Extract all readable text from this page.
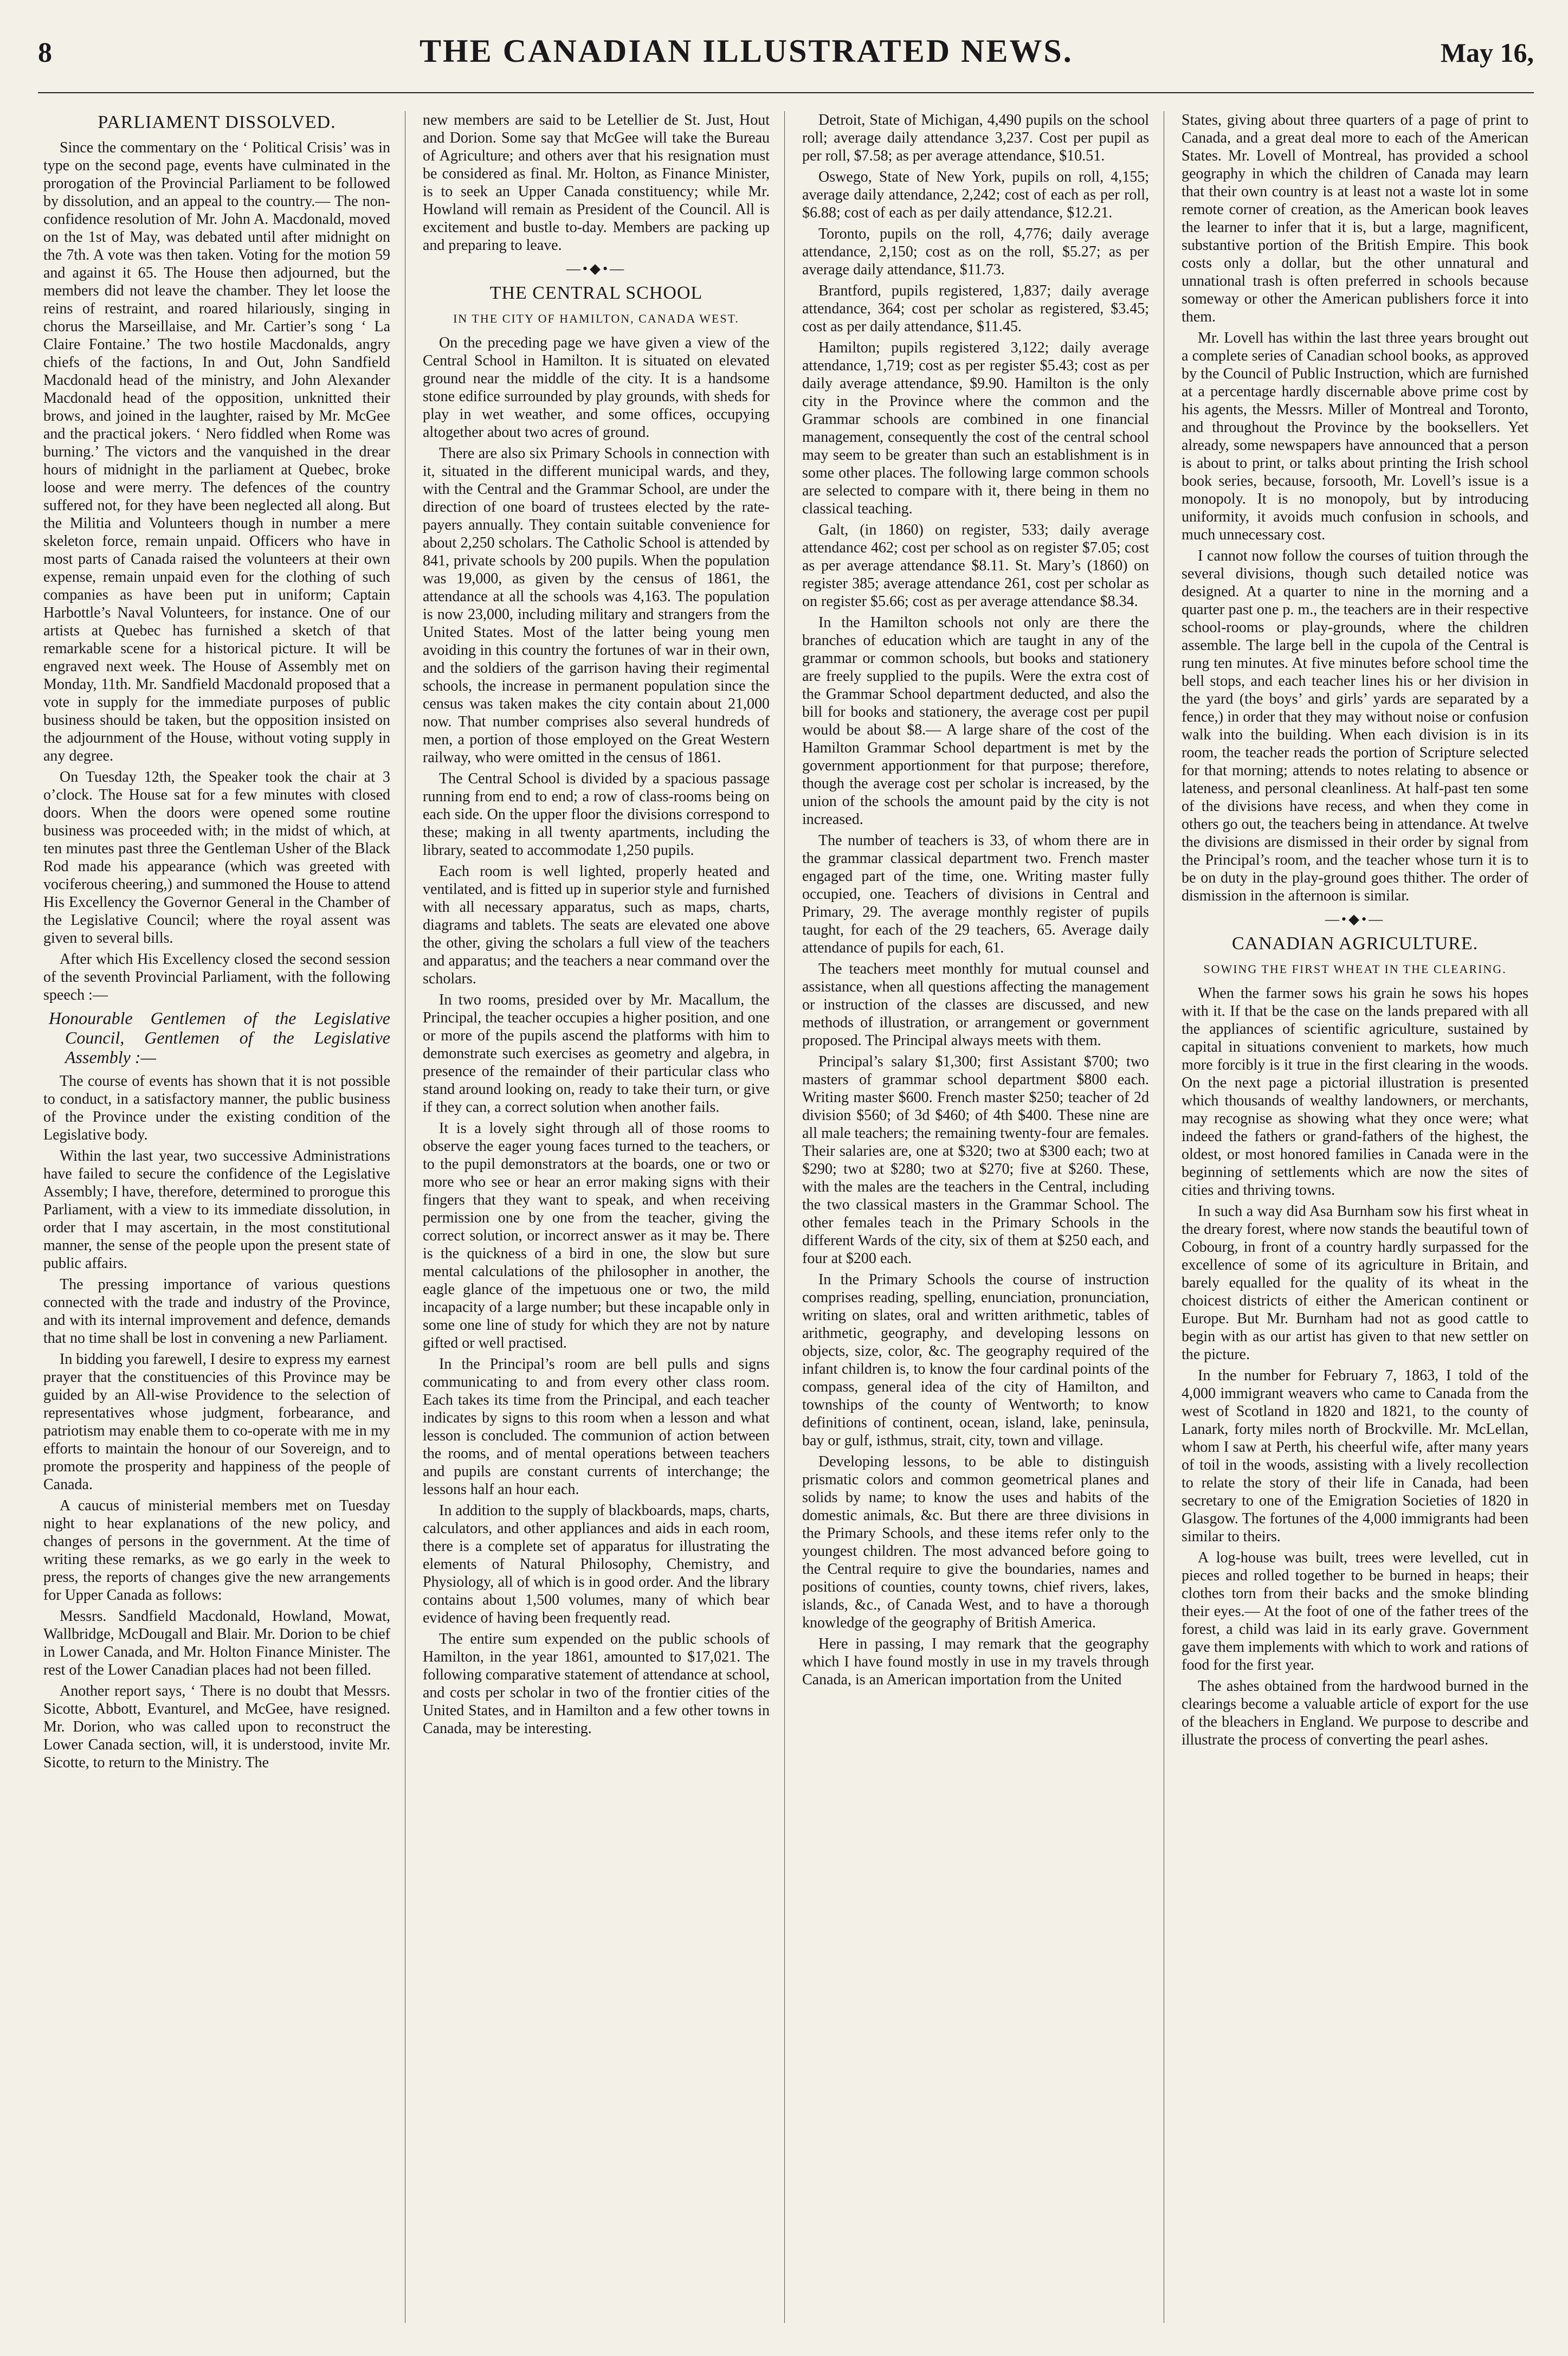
8	THE CANADIAN ILLUSTRATED NEWS.	May 16,
PARLIAMENT DISSOLVED.

Since the commentary on the ‘ Political Crisis’ was in type on the second page, events have culminated in the prorogation of the Provincial Parliament to be followed by dissolution, and an appeal to the country.— The non-confidence resolution of Mr. John A. Macdonald, moved on the 1st of May, was debated until after midnight on the 7th. A vote was then taken. Voting for the motion 59 and against it 65. The House then adjourned, but the members did not leave the chamber. They let loose the reins of restraint, and roared hilariously, singing in chorus the Marseillaise, and Mr. Cartier’s song ‘ La Claire Fontaine.’ The two hostile Macdonalds, angry chiefs of the factions, In and Out, John Sandfield Macdonald head of the ministry, and John Alexander Macdonald head of the opposition, unknitted their brows, and joined in the laughter, raised by Mr. McGee and the practical jokers. ‘ Nero fiddled when Rome was burning.’ The victors and the vanquished in the drear hours of midnight in the parliament at Quebec, broke loose and were merry. The defences of the country suffered not, for they have been neglected all along. But the Militia and Volunteers though in number a mere skeleton force, remain unpaid. Officers who have in most parts of Canada raised the volunteers at their own expense, remain unpaid even for the clothing of such companies as have been put in uniform; Captain Harbottle’s Naval Volunteers, for instance. One of our artists at Quebec has furnished a sketch of that remarkable scene for a historical picture. It will be engraved next week. The House of Assembly met on Monday, 11th. Mr. Sandfield Macdonald proposed that a vote in supply for the immediate purposes of public business should be taken, but the opposition insisted on the adjournment of the House, without voting supply in any degree.

On Tuesday 12th, the Speaker took the chair at 3 o’clock. The House sat for a few minutes with closed doors. When the doors were opened some routine business was proceeded with; in the midst of which, at ten minutes past three the Gentleman Usher of the Black Rod made his appearance (which was greeted with vociferous cheering,) and summoned the House to attend His Excellency the Governor General in the Chamber of the Legislative Council; where the royal assent was given to several bills.

After which His Excellency closed the second session of the seventh Provincial Parliament, with the following speech :—

Honourable Gentlemen of the Legislative Council, Gentlemen of the Legislative Assembly :—

The course of events has shown that it is not possible to conduct, in a satisfactory manner, the public business of the Province under the existing condition of the Legislative body.

Within the last year, two successive Administrations have failed to secure the confidence of the Legislative Assembly; I have, therefore, determined to prorogue this Parliament, with a view to its immediate dissolution, in order that I may ascertain, in the most constitutional manner, the sense of the people upon the present state of public affairs.

The pressing importance of various questions connected with the trade and industry of the Province, and with its internal improvement and defence, demands that no time shall be lost in convening a new Parliament.

In bidding you farewell, I desire to express my earnest prayer that the constituencies of this Province may be guided by an All-wise Providence to the selection of representatives whose judgment, forbearance, and patriotism may enable them to co-operate with me in my efforts to maintain the honour of our Sovereign, and to promote the prosperity and happiness of the people of Canada.

A caucus of ministerial members met on Tuesday night to hear explanations of the new policy, and changes of persons in the government. At the time of writing these remarks, as we go early in the week to press, the reports of changes give the new arrangements for Upper Canada as follows:

Messrs. Sandfield Macdonald, Howland, Mowat, Wallbridge, McDougall and Blair. Mr. Dorion to be chief in Lower Canada, and Mr. Holton Finance Minister. The rest of the Lower Canadian places had not been filled.

Another report says, ‘ There is no doubt that Messrs. Sicotte, Abbott, Evanturel, and McGee, have resigned. Mr. Dorion, who was called upon to reconstruct the Lower Canada section, will, it is understood, invite Mr. Sicotte, to return to the Ministry. The

new members are said to be Letellier de St. Just, Hout and Dorion. Some say that McGee will take the Bureau of Agriculture; and others aver that his resignation must be considered as final. Mr. Holton, as Finance Minister, is to seek an Upper Canada constituency; while Mr. Howland will remain as President of the Council. All is excitement and bustle to-day. Members are packing up and preparing to leave.

—•◆•—
THE CENTRAL SCHOOL
IN THE CITY OF HAMILTON, CANADA WEST.

On the preceding page we have given a view of the Central School in Hamilton. It is situated on elevated ground near the middle of the city. It is a handsome stone edifice surrounded by play grounds, with sheds for play in wet weather, and some offices, occupying altogether about two acres of ground.

There are also six Primary Schools in connection with it, situated in the different municipal wards, and they, with the Central and the Grammar School, are under the direction of one board of trustees elected by the rate-payers annually. They contain suitable convenience for about 2,250 scholars. The Catholic School is attended by 841, private schools by 200 pupils. When the population was 19,000, as given by the census of 1861, the attendance at all the schools was 4,163. The population is now 23,000, including military and strangers from the United States. Most of the latter being young men avoiding in this country the fortunes of war in their own, and the soldiers of the garrison having their regimental schools, the increase in permanent population since the census was taken makes the city contain about 21,000 now. That number comprises also several hundreds of men, a portion of those employed on the Great Western railway, who were omitted in the census of 1861.

The Central School is divided by a spacious passage running from end to end; a row of class-rooms being on each side. On the upper floor the divisions correspond to these; making in all twenty apartments, including the library, seated to accommodate 1,250 pupils.

Each room is well lighted, properly heated and ventilated, and is fitted up in superior style and furnished with all necessary apparatus, such as maps, charts, diagrams and tablets. The seats are elevated one above the other, giving the scholars a full view of the teachers and apparatus; and the teachers a near command over the scholars.

In two rooms, presided over by Mr. Macallum, the Principal, the teacher occupies a higher position, and one or more of the pupils ascend the platforms with him to demonstrate such exercises as geometry and algebra, in presence of the remainder of their particular class who stand around looking on, ready to take their turn, or give if they can, a correct solution when another fails.

It is a lovely sight through all of those rooms to observe the eager young faces turned to the teachers, or to the pupil demonstrators at the boards, one or two or more who see or hear an error making signs with their fingers that they want to speak, and when receiving permission one by one from the teacher, giving the correct solution, or incorrect answer as it may be. There is the quickness of a bird in one, the slow but sure mental calculations of the philosopher in another, the eagle glance of the impetuous one or two, the mild incapacity of a large number; but these incapable only in some one line of study for which they are not by nature gifted or well practised.

In the Principal’s room are bell pulls and signs communicating to and from every other class room. Each takes its time from the Principal, and each teacher indicates by signs to this room when a lesson and what lesson is concluded. The communion of action between the rooms, and of mental operations between teachers and pupils are constant currents of interchange; the lessons half an hour each.

In addition to the supply of blackboards, maps, charts, calculators, and other appliances and aids in each room, there is a complete set of apparatus for illustrating the elements of Natural Philosophy, Chemistry, and Physiology, all of which is in good order. And the library contains about 1,500 volumes, many of which bear evidence of having been frequently read.

The entire sum expended on the public schools of Hamilton, in the year 1861, amounted to $17,021. The following comparative statement of attendance at school, and costs per scholar in two of the frontier cities of the United States, and in Hamilton and a few other towns in Canada, may be interesting.

Detroit, State of Michigan, 4,490 pupils on the school roll; average daily attendance 3,237. Cost per pupil as per roll, $7.58; as per average attendance, $10.51.

Oswego, State of New York, pupils on roll, 4,155; average daily attendance, 2,242; cost of each as per roll, $6.88; cost of each as per daily attendance, $12.21.

Toronto, pupils on the roll, 4,776; daily average attendance, 2,150; cost as on the roll, $5.27; as per average daily attendance, $11.73.

Brantford, pupils registered, 1,837; daily average attendance, 364; cost per scholar as registered, $3.45; cost as per daily attendance, $11.45.

Hamilton; pupils registered 3,122; daily average attendance, 1,719; cost as per register $5.43; cost as per daily average attendance, $9.90. Hamilton is the only city in the Province where the common and the Grammar schools are combined in one financial management, consequently the cost of the central school may seem to be greater than such an establishment is in some other places. The following large common schools are selected to compare with it, there being in them no classical teaching.

Galt, (in 1860) on register, 533; daily average attendance 462; cost per school as on register $7.05; cost as per average attendance $8.11. St. Mary’s (1860) on register 385; average attendance 261, cost per scholar as on register $5.66; cost as per average attendance $8.34.

In the Hamilton schools not only are there the branches of education which are taught in any of the grammar or common schools, but books and stationery are freely supplied to the pupils. Were the extra cost of the Grammar School department deducted, and also the bill for books and stationery, the average cost per pupil would be about $8.— A large share of the cost of the Hamilton Grammar School department is met by the government apportionment for that purpose; therefore, though the average cost per scholar is increased, by the union of the schools the amount paid by the city is not increased.

The number of teachers is 33, of whom there are in the grammar classical department two. French master engaged part of the time, one. Writing master fully occupied, one. Teachers of divisions in Central and Primary, 29. The average monthly register of pupils taught, for each of the 29 teachers, 65. Average daily attendance of pupils for each, 61.

The teachers meet monthly for mutual counsel and assistance, when all questions affecting the management or instruction of the classes are discussed, and new methods of illustration, or arrangement or government proposed. The Principal always meets with them.

Principal’s salary $1,300; first Assistant $700; two masters of grammar school department $800 each. Writing master $600. French master $250; teacher of 2d division $560; of 3d $460; of 4th $400. These nine are all male teachers; the remaining twenty-four are females. Their salaries are, one at $320; two at $300 each; two at $290; two at $280; two at $270; five at $260. These, with the males are the teachers in the Central, including the two classical masters in the Grammar School. The other females teach in the Primary Schools in the different Wards of the city, six of them at $250 each, and four at $200 each.

In the Primary Schools the course of instruction comprises reading, spelling, enunciation, pronunciation, writing on slates, oral and written arithmetic, tables of arithmetic, geography, and developing lessons on objects, size, color, &c. The geography required of the infant children is, to know the four cardinal points of the compass, general idea of the city of Hamilton, and townships of the county of Wentworth; to know definitions of continent, ocean, island, lake, peninsula, bay or gulf, isthmus, strait, city, town and village.

Developing lessons, to be able to distinguish prismatic colors and common geometrical planes and solids by name; to know the uses and habits of the domestic animals, &c. But there are three divisions in the Primary Schools, and these items refer only to the youngest children. The most advanced before going to the Central require to give the boundaries, names and positions of counties, county towns, chief rivers, lakes, islands, &c., of Canada West, and to have a thorough knowledge of the geography of British America.

Here in passing, I may remark that the geography which I have found mostly in use in my travels through Canada, is an American importation from the United

States, giving about three quarters of a page of print to Canada, and a great deal more to each of the American States. Mr. Lovell of Montreal, has provided a school geography in which the children of Canada may learn that their own country is at least not a waste lot in some remote corner of creation, as the American book leaves the learner to infer that it is, but a large, magnificent, substantive portion of the British Empire. This book costs only a dollar, but the other unnatural and unnational trash is often preferred in schools because someway or other the American publishers force it into them.

Mr. Lovell has within the last three years brought out a complete series of Canadian school books, as approved by the Council of Public Instruction, which are furnished at a percentage hardly discernable above prime cost by his agents, the Messrs. Miller of Montreal and Toronto, and throughout the Province by the booksellers. Yet already, some newspapers have announced that a person is about to print, or talks about printing the Irish school book series, because, forsooth, Mr. Lovell’s issue is a monopoly. It is no monopoly, but by introducing uniformity, it avoids much confusion in schools, and much unnecessary cost.

I cannot now follow the courses of tuition through the several divisions, though such detailed notice was designed. At a quarter to nine in the morning and a quarter past one p. m., the teachers are in their respective school-rooms or play-grounds, where the children assemble. The large bell in the cupola of the Central is rung ten minutes. At five minutes before school time the bell stops, and each teacher lines his or her division in the yard (the boys’ and girls’ yards are separated by a fence,) in order that they may without noise or confusion walk into the building. When each division is in its room, the teacher reads the portion of Scripture selected for that morning; attends to notes relating to absence or lateness, and personal cleanliness. At half-past ten some of the divisions have recess, and when they come in others go out, the teachers being in attendance. At twelve the divisions are dismissed in their order by signal from the Principal’s room, and the teacher whose turn it is to be on duty in the play-ground goes thither. The order of dismission in the afternoon is similar.

—•◆•—
CANADIAN AGRICULTURE.
SOWING THE FIRST WHEAT IN THE CLEARING.

When the farmer sows his grain he sows his hopes with it. If that be the case on the lands prepared with all the appliances of scientific agriculture, sustained by capital in situations convenient to markets, how much more forcibly is it true in the first clearing in the woods. On the next page a pictorial illustration is presented which thousands of wealthy landowners, or merchants, may recognise as showing what they once were; what indeed the fathers or grand-fathers of the highest, the oldest, or most honored families in Canada were in the beginning of settlements which are now the sites of cities and thriving towns.

In such a way did Asa Burnham sow his first wheat in the dreary forest, where now stands the beautiful town of Cobourg, in front of a country hardly surpassed for the excellence of some of its agriculture in Britain, and barely equalled for the quality of its wheat in the choicest districts of either the American continent or Europe. But Mr. Burnham had not as good cattle to begin with as our artist has given to that new settler on the picture.

In the number for February 7, 1863, I told of the 4,000 immigrant weavers who came to Canada from the west of Scotland in 1820 and 1821, to the county of Lanark, forty miles north of Brockville. Mr. McLellan, whom I saw at Perth, his cheerful wife, after many years of toil in the woods, assisting with a lively recollection to relate the story of their life in Canada, had been secretary to one of the Emigration Societies of 1820 in Glasgow. The fortunes of the 4,000 immigrants had been similar to theirs.

A log-house was built, trees were levelled, cut in pieces and rolled together to be burned in heaps; their clothes torn from their backs and the smoke blinding their eyes.— At the foot of one of the father trees of the forest, a child was laid in its early grave. Government gave them implements with which to work and rations of food for the first year.

The ashes obtained from the hardwood burned in the clearings become a valuable article of export for the use of the bleachers in England. We purpose to describe and illustrate the process of converting the pearl ashes.
